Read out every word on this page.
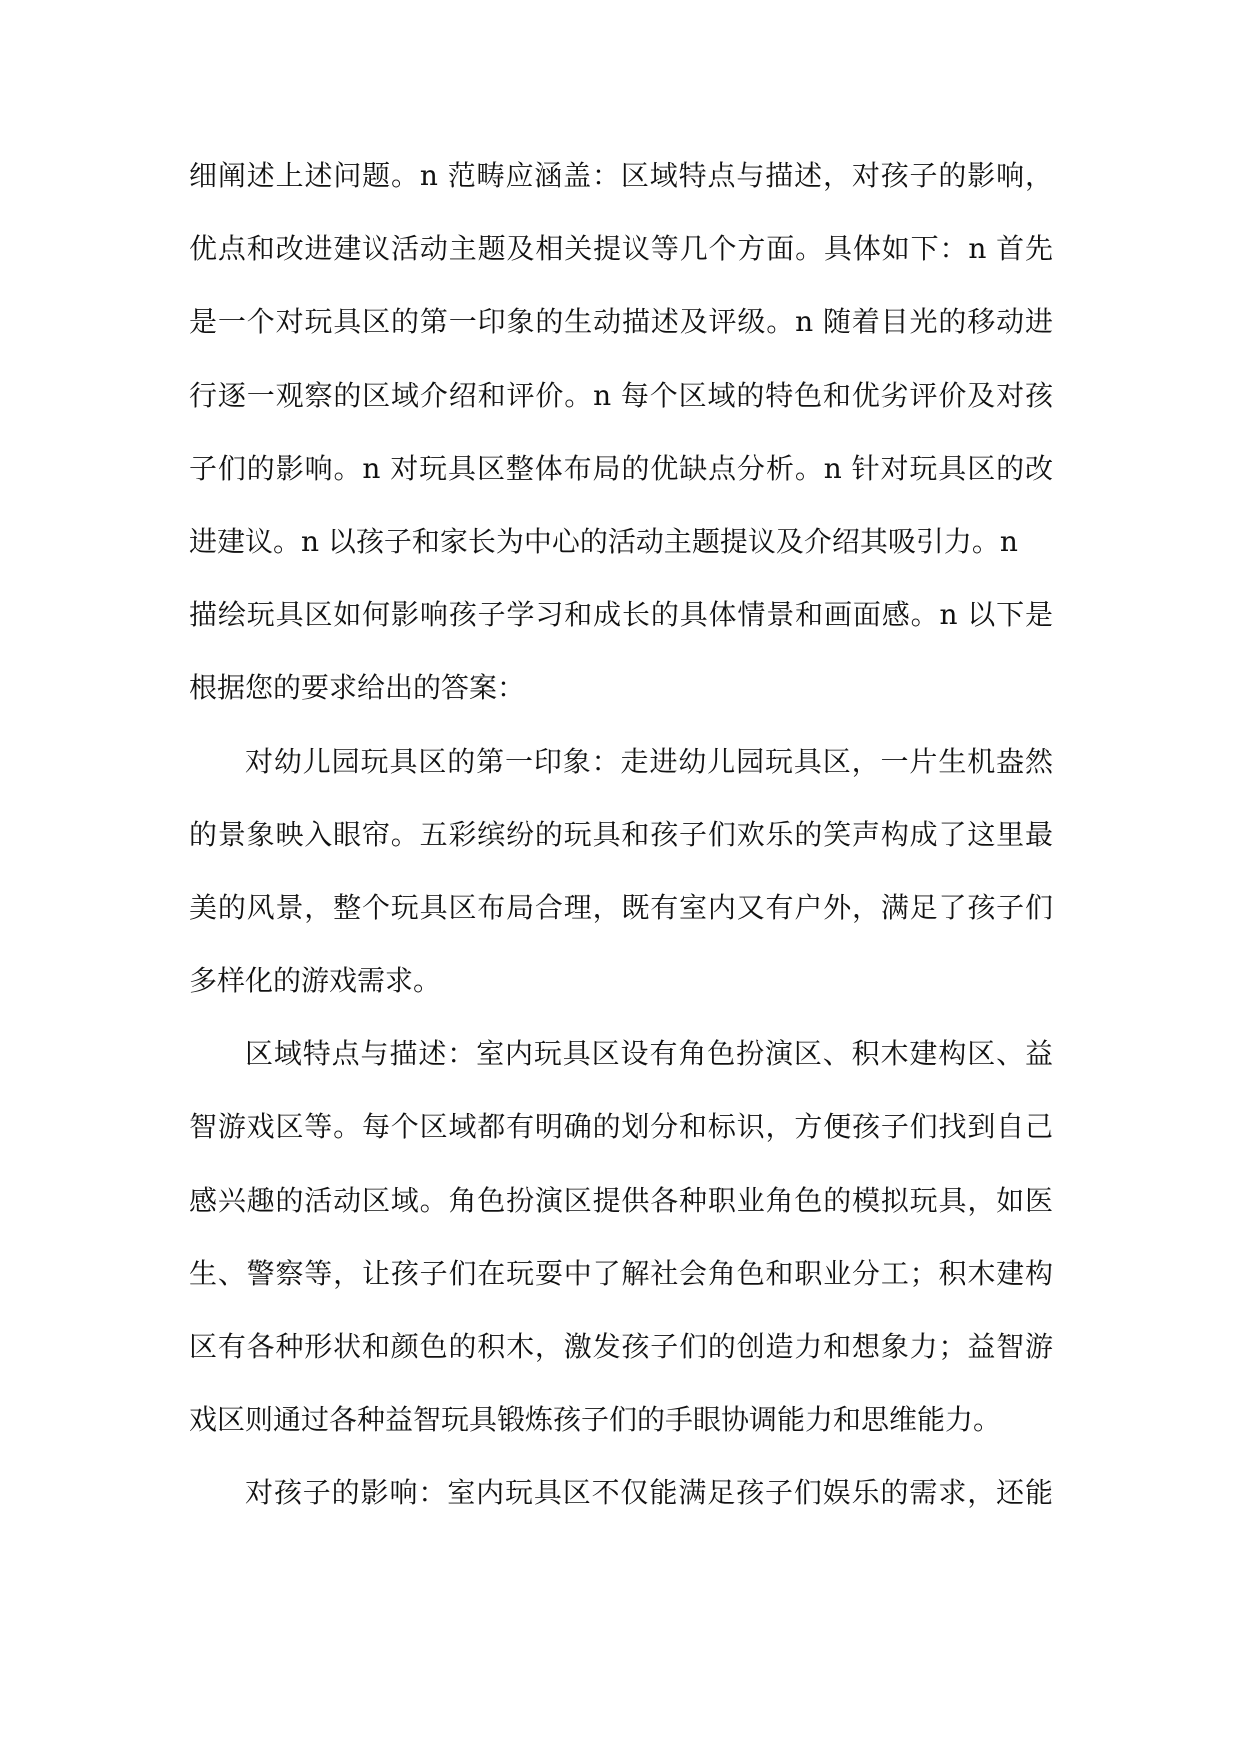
细阐述上述问题。n 范畴应涵盖：区域特点与描述，对孩子的影响，
优点和改进建议活动主题及相关提议等几个方面。具体如下：n 首先
是一个对玩具区的第一印象的生动描述及评级。n 随着目光的移动进
行逐一观察的区域介绍和评价。n 每个区域的特色和优劣评价及对孩
子们的影响。n 对玩具区整体布局的优缺点分析。n 针对玩具区的改
进建议。n 以孩子和家长为中心的活动主题提议及介绍其吸引力。n
描绘玩具区如何影响孩子学习和成长的具体情景和画面感。n 以下是
根据您的要求给出的答案：
对幼儿园玩具区的第一印象：走进幼儿园玩具区，一片生机盎然
的景象映入眼帘。五彩缤纷的玩具和孩子们欢乐的笑声构成了这里最
美的风景，整个玩具区布局合理，既有室内又有户外，满足了孩子们
多样化的游戏需求。
区域特点与描述：室内玩具区设有角色扮演区、积木建构区、益
智游戏区等。每个区域都有明确的划分和标识，方便孩子们找到自己
感兴趣的活动区域。角色扮演区提供各种职业角色的模拟玩具，如医
生、警察等，让孩子们在玩耍中了解社会角色和职业分工；积木建构
区有各种形状和颜色的积木，激发孩子们的创造力和想象力；益智游
戏区则通过各种益智玩具锻炼孩子们的手眼协调能力和思维能力。
对孩子的影响：室内玩具区不仅能满足孩子们娱乐的需求，还能
